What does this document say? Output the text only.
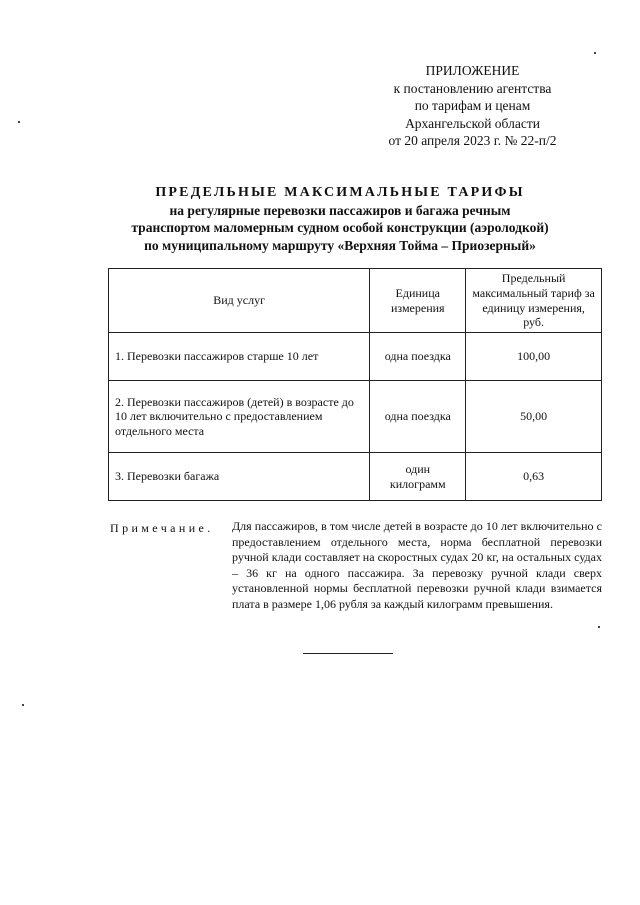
ПРИЛОЖЕНИЕ
к постановлению агентства
по тарифам и ценам
Архангельской области
от 20 апреля 2023 г. № 22-п/2
ПРЕДЕЛЬНЫЕ МАКСИМАЛЬНЫЕ ТАРИФЫ
на регулярные перевозки пассажиров и багажа речным
транспортом маломерным судном особой конструкции (аэролодкой)
по муниципальному маршруту «Верхняя Тойма – Приозерный»
Вид услуг	Единица измерения	Предельный максимальный тариф за единицу измерения, руб.
1. Перевозки пассажиров старше 10 лет	одна поездка	100,00
2. Перевозки пассажиров (детей) в возрасте до 10 лет включительно с предоставлением отдельного места	одна поездка	50,00
3. Перевозки багажа	один килограмм	0,63
Примечание. Для пассажиров, в том числе детей в возрасте до 10 лет включительно с предоставлением отдельного места, норма бесплатной перевозки ручной клади составляет на скоростных судах 20 кг, на остальных судах – 36 кг на одного пассажира. За перевозку ручной клади сверх установленной нормы бесплатной перевозки ручной клади взимается плата в размере 1,06 рубля за каждый килограмм превышения.
